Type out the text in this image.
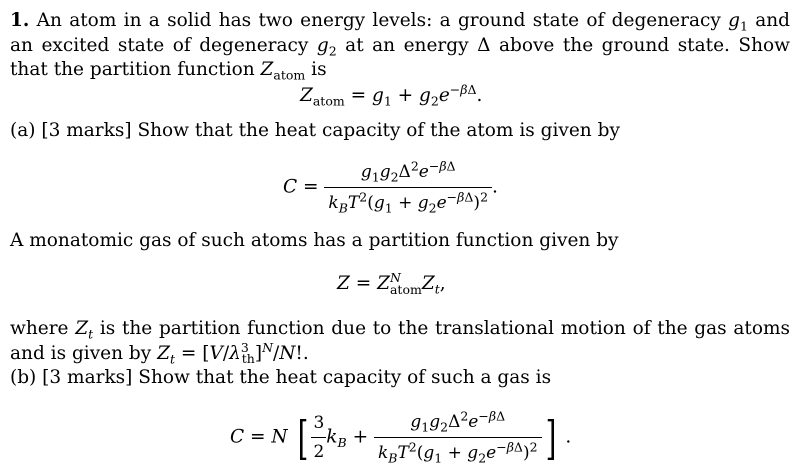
1. An atom in a solid has two energy levels: a ground state of degeneracy $g_1$ and an excited state of degeneracy $g_2$ at an energy Δ above the ground state. Show that the partition function $Z_{atom}$ is
$Z_{atom} = g_1 + g_2e^{-\beta\Delta}$.
(a) [3 marks] Show that the heat capacity of the atom is given by
$C = \frac{g_1g_2\Delta^2e^{-\beta\Delta}}{k_BT^2(g_1 + g_2e^{-\beta\Delta})^2}$ .
A monatomic gas of such atoms has a partition function given by
Z = Z N
atom $Z_t$,
where $Z_t$ is the partition function due to the translational motion of the gas atoms and is given by $Z_t = [V/\lambda^3_{th}]^N/N$!.
(b) [3 marks] Show that the heat capacity of such a gas is
C = N [ $\frac{3}{2} k_B + \frac{g_1g_2\Delta^2e^{-\beta\Delta}}{k_BT^2(g_1 + g_2e^{-\beta\Delta})^2}$ ] .
